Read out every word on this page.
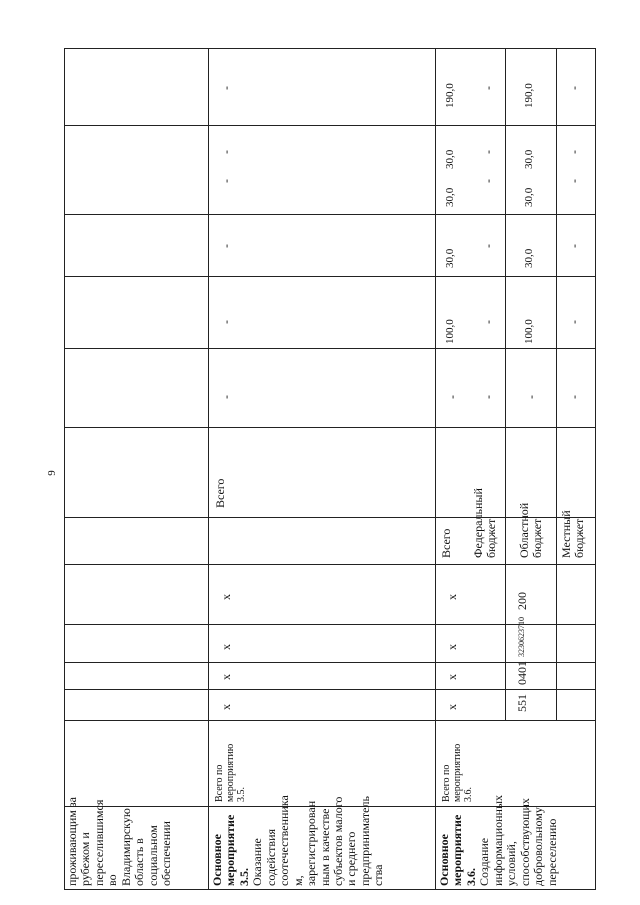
9
проживающим за рубежом и переселившимся во Владимирскую область в социальном обеспечении	Основное мероприятие 3.5. Оказание содействия соотечественника м, зарегистрирован ным в качестве субъектов малого и среднего предприниматель ства
Всего по мероприятию 3.5.
х
х
х
х
Всего
-
-
-
-
-
-
Основное мероприятие 3.6. Создание информационных условий, способствующих добровольному переселению
Всего по мероприятию 3.6.
х
х
х
х
551
0401
3230623710
200
Всего
-
100,0
30,0
30,0
30,0
190,0
Федеральный бюджет
-
-
-
-
-
-
Областной бюджет
-
100,0
30,0
30,0
30,0
190,0
Местный бюджет
-
-
-
-
-
-
